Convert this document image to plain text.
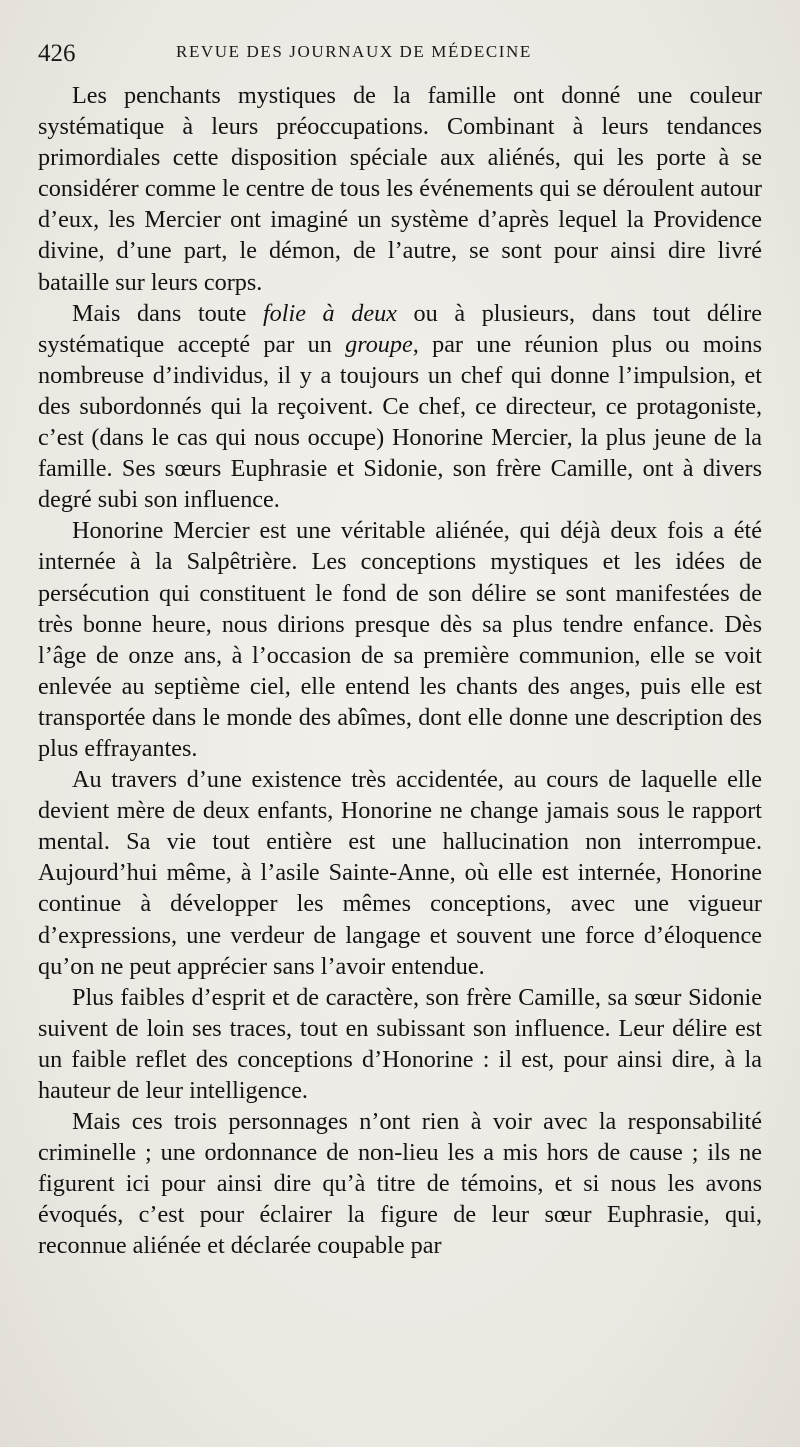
426	REVUE DES JOURNAUX DE MÉDECINE

Les penchants mystiques de la famille ont donné une couleur systématique à leurs préoccupations. Combinant à leurs tendances primordiales cette disposition spéciale aux aliénés, qui les porte à se considérer comme le centre de tous les événements qui se déroulent autour d’eux, les Mercier ont imaginé un système d’après lequel la Providence divine, d’une part, le démon, de l’autre, se sont pour ainsi dire livré bataille sur leurs corps.

Mais dans toute folie à deux ou à plusieurs, dans tout délire systématique accepté par un groupe, par une réunion plus ou moins nombreuse d’individus, il y a toujours un chef qui donne l’impulsion, et des subordonnés qui la reçoivent. Ce chef, ce directeur, ce protagoniste, c’est (dans le cas qui nous occupe) Honorine Mercier, la plus jeune de la famille. Ses sœurs Euphrasie et Sidonie, son frère Camille, ont à divers degré subi son influence.

Honorine Mercier est une véritable aliénée, qui déjà deux fois a été internée à la Salpêtrière. Les conceptions mystiques et les idées de persécution qui constituent le fond de son délire se sont manifestées de très bonne heure, nous dirions presque dès sa plus tendre enfance. Dès l’âge de onze ans, à l’occasion de sa première communion, elle se voit enlevée au septième ciel, elle entend les chants des anges, puis elle est transportée dans le monde des abîmes, dont elle donne une description des plus effrayantes.

Au travers d’une existence très accidentée, au cours de laquelle elle devient mère de deux enfants, Honorine ne change jamais sous le rapport mental. Sa vie tout entière est une hallucination non interrompue. Aujourd’hui même, à l’asile Sainte-Anne, où elle est internée, Honorine continue à développer les mêmes conceptions, avec une vigueur d’expressions, une verdeur de langage et souvent une force d’éloquence qu’on ne peut apprécier sans l’avoir entendue.

Plus faibles d’esprit et de caractère, son frère Camille, sa sœur Sidonie suivent de loin ses traces, tout en subissant son influence. Leur délire est un faible reflet des conceptions d’Honorine : il est, pour ainsi dire, à la hauteur de leur intelligence.

Mais ces trois personnages n’ont rien à voir avec la responsabilité criminelle ; une ordonnance de non-lieu les a mis hors de cause ; ils ne figurent ici pour ainsi dire qu’à titre de témoins, et si nous les avons évoqués, c’est pour éclairer la figure de leur sœur Euphrasie, qui, reconnue aliénée et déclarée coupable par
